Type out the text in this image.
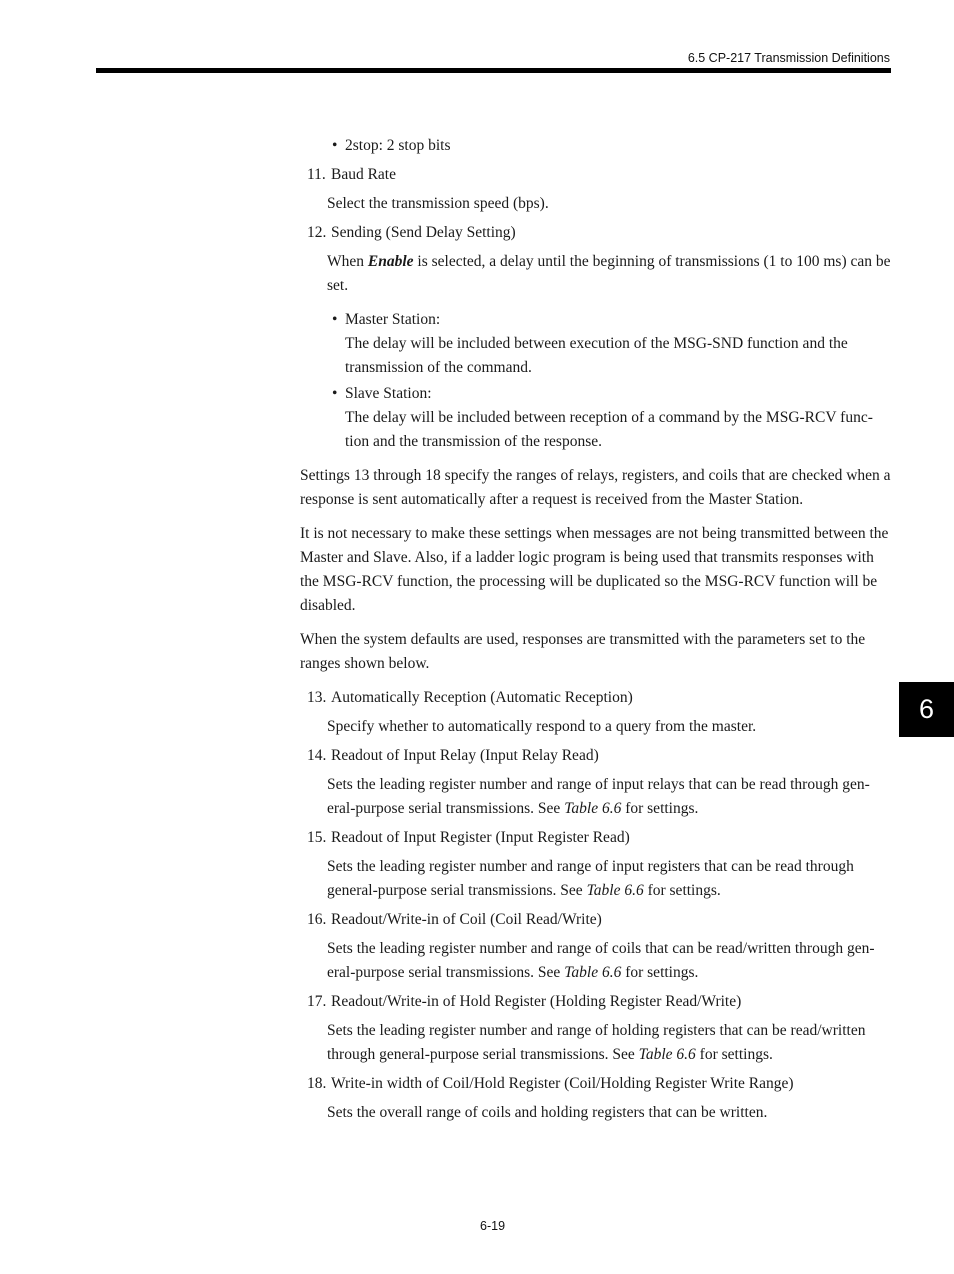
6.5 CP-217 Transmission Definitions
6
• 2stop: 2 stop bits
11. Baud Rate
Select the transmission speed (bps).
12. Sending (Send Delay Setting)
When Enable is selected, a delay until the beginning of transmissions (1 to 100 ms) can be set.
• Master Station:
The delay will be included between execution of the MSG-SND function and the transmission of the command.
• Slave Station:
The delay will be included between reception of a command by the MSG-RCV func-tion and the transmission of the response.
Settings 13 through 18 specify the ranges of relays, registers, and coils that are checked when a response is sent automatically after a request is received from the Master Station.
It is not necessary to make these settings when messages are not being transmitted between the Master and Slave. Also, if a ladder logic program is being used that transmits responses with the MSG-RCV function, the processing will be duplicated so the MSG-RCV function will be disabled.
When the system defaults are used, responses are transmitted with the parameters set to the ranges shown below.
13. Automatically Reception (Automatic Reception)
Specify whether to automatically respond to a query from the master.
14. Readout of Input Relay (Input Relay Read)
Sets the leading register number and range of input relays that can be read through gen-eral-purpose serial transmissions. See Table 6.6 for settings.
15. Readout of Input Register (Input Register Read)
Sets the leading register number and range of input registers that can be read through general-purpose serial transmissions. See Table 6.6 for settings.
16. Readout/Write-in of Coil (Coil Read/Write)
Sets the leading register number and range of coils that can be read/written through gen-eral-purpose serial transmissions. See Table 6.6 for settings.
17. Readout/Write-in of Hold Register (Holding Register Read/Write)
Sets the leading register number and range of holding registers that can be read/written through general-purpose serial transmissions. See Table 6.6 for settings.
18. Write-in width of Coil/Hold Register (Coil/Holding Register Write Range)
Sets the overall range of coils and holding registers that can be written.
6-19
